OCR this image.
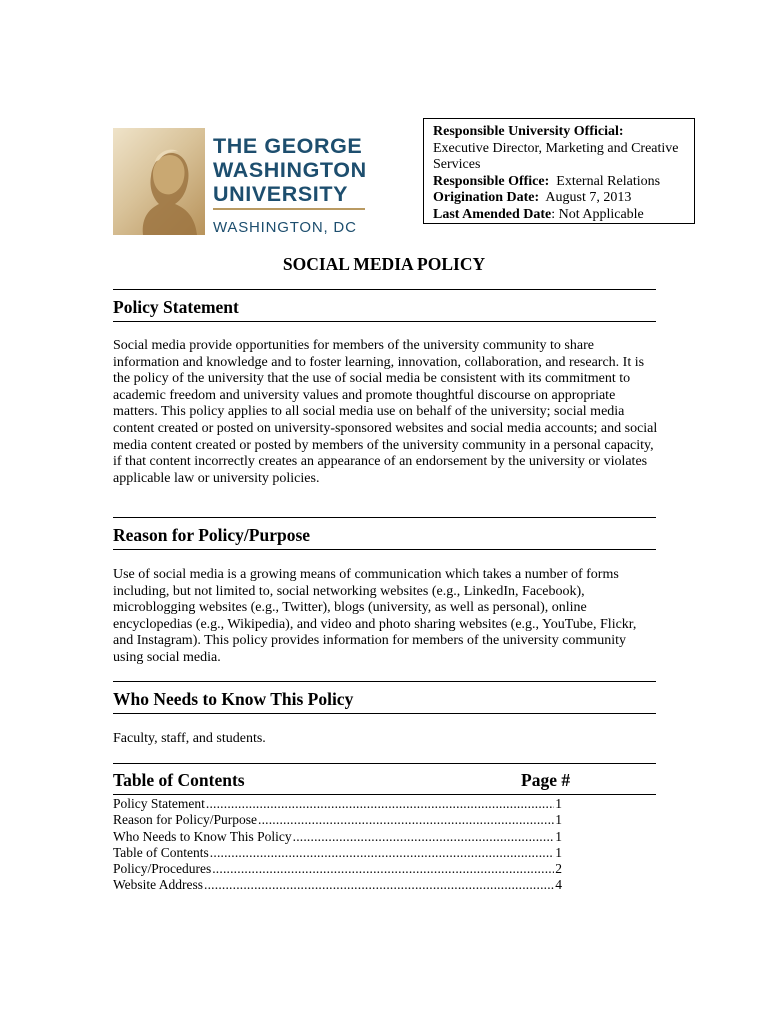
THE GEORGE
WASHINGTON
UNIVERSITY
WASHINGTON, DC
Responsible University Official:
Executive Director, Marketing and Creative Services
Responsible Office: External Relations
Origination Date: August 7, 2013
Last Amended Date: Not Applicable
SOCIAL MEDIA POLICY
Policy Statement
Social media provide opportunities for members of the university community to share information and knowledge and to foster learning, innovation, collaboration, and research. It is the policy of the university that the use of social media be consistent with its commitment to academic freedom and university values and promote thoughtful discourse on appropriate matters. This policy applies to all social media use on behalf of the university; social media content created or posted on university-sponsored websites and social media accounts; and social media content created or posted by members of the university community in a personal capacity, if that content incorrectly creates an appearance of an endorsement by the university or violates applicable law or university policies.
Reason for Policy/Purpose
Use of social media is a growing means of communication which takes a number of forms including, but not limited to, social networking websites (e.g., LinkedIn, Facebook), microblogging websites (e.g., Twitter), blogs (university, as well as personal), online encyclopedias (e.g., Wikipedia), and video and photo sharing websites (e.g., YouTube, Flickr, and Instagram). This policy provides information for members of the university community using social media.
Who Needs to Know This Policy
Faculty, staff, and students.
Table of Contents	Page #
Policy Statement .....	1
Reason for Policy/Purpose .....	1
Who Needs to Know This Policy .....	1
Table of Contents .....	1
Policy/Procedures .....	2
Website Address .....	4
